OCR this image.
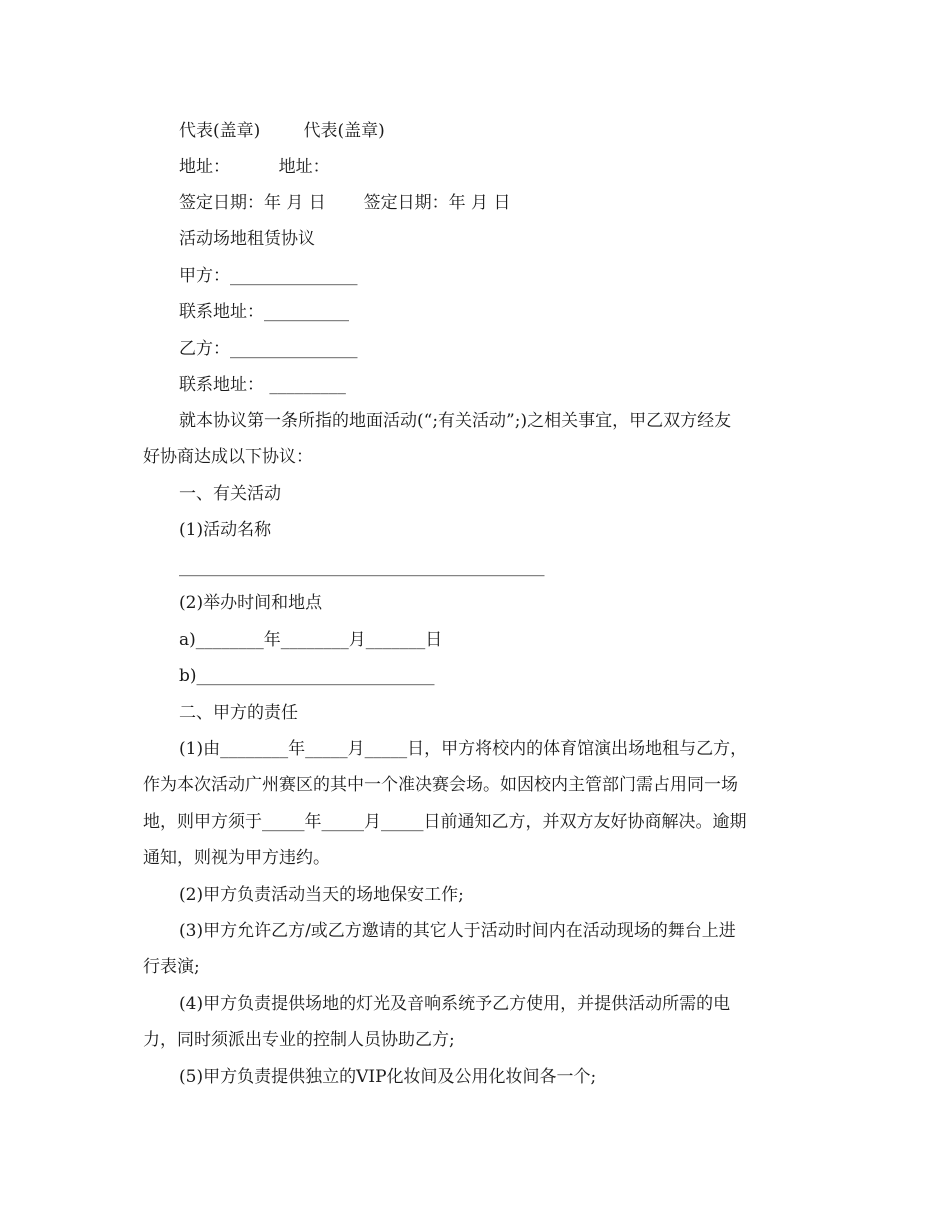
代表(盖章)        代表(盖章)
地址：         地址：
签定日期：年 月 日       签定日期：年 月 日
活动场地租赁协议
甲方：_______________
联系地址：__________
乙方：_______________
联系地址： _________
就本协议第一条所指的地面活动(“;有关活动”;)之相关事宜，甲乙双方经友
好协商达成以下协议：
一、有关活动
(1)活动名称
___________________________________________
(2)举办时间和地点
a)________年________月_______日
b)____________________________
二、甲方的责任
(1)由________年_____月_____日，甲方将校内的体育馆演出场地租与乙方，
作为本次活动广州赛区的其中一个准决赛会场。如因校内主管部门需占用同一场
地，则甲方须于_____年_____月_____日前通知乙方，并双方友好协商解决。逾期
通知，则视为甲方违约。
(2)甲方负责活动当天的场地保安工作;
(3)甲方允许乙方/或乙方邀请的其它人于活动时间内在活动现场的舞台上进
行表演;
(4)甲方负责提供场地的灯光及音响系统予乙方使用，并提供活动所需的电
力，同时须派出专业的控制人员协助乙方;
(5)甲方负责提供独立的VIP化妆间及公用化妆间各一个;
